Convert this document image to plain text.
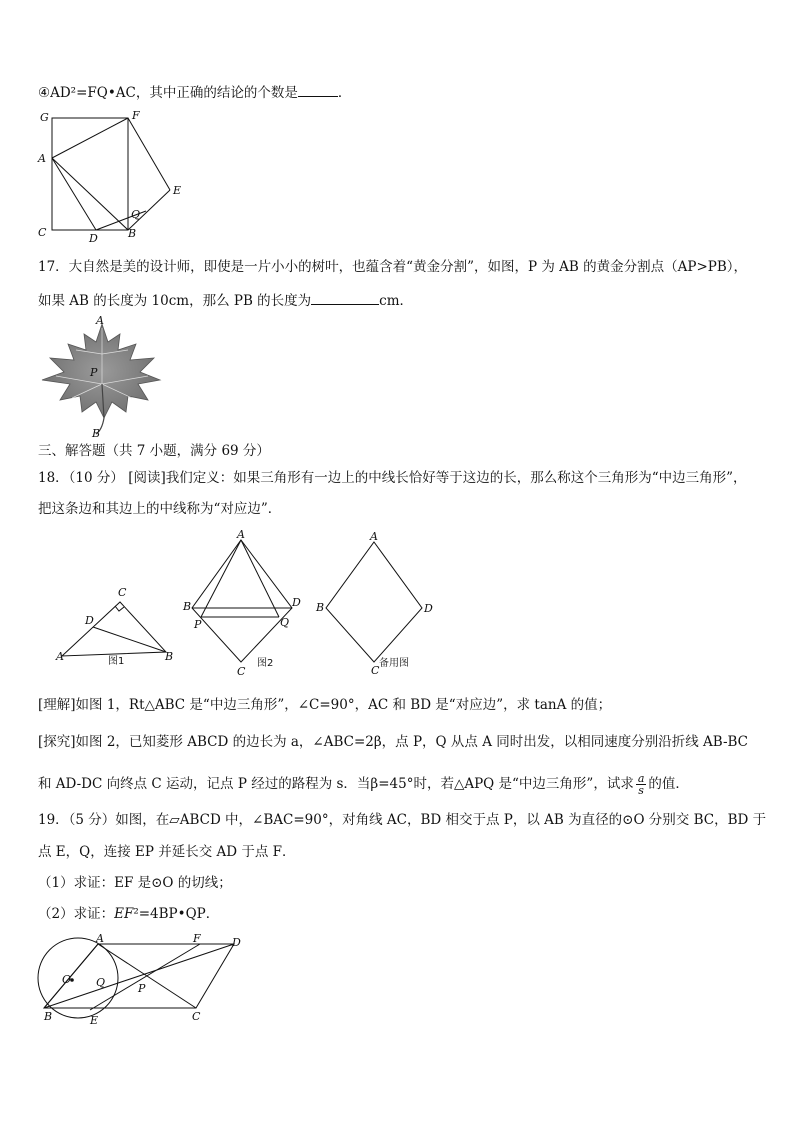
④AD²=FQ•AC，其中正确的结论的个数是	．
G	F
A
E
Q
C	D	B
17．大自然是美的设计师，即使是一片小小的树叶，也蕴含着“黄金分割”，如图，P 为 AB 的黄金分割点（AP>PB），
如果 AB 的长度为 10cm，那么 PB 的长度为	cm．
A
P
B
三、解答题（共 7 小题，满分 69 分）
18．（10 分） [阅读]我们定义：如果三角形有一边上的中线长恰好等于这边的长，那么称这个三角形为“中边三角形”，
把这条边和其边上的中线称为“对应边”．
C
D
A	B
图1
A
B	D
P	Q
C
图2
A
B	D
C
备用图
[理解]如图 1，Rt△ABC 是“中边三角形”，∠C=90°，AC 和 BD 是“对应边”，求 tanA 的值；
[探究]如图 2，已知菱形 ABCD 的边长为 a，∠ABC=2β，点 P，Q 从点 A 同时出发，以相同速度分别沿折线 AB-BC
和 AD-DC 向终点 C 运动，记点 P 经过的路程为 s．当β=45°时，若△APQ 是“中边三角形”，试求 $\frac{a}{s}$ 的值．
19．（5 分）如图，在▱ABCD 中，∠BAC=90°，对角线 AC，BD 相交于点 P，以 AB 为直径的⊙O 分别交 BC，BD 于
点 E，Q，连接 EP 并延长交 AD 于点 F．
（1）求证：EF 是⊙O 的切线；
（2）求证：EF²=4BP•QP．
A	F	D
O Q	P
B	E	C
